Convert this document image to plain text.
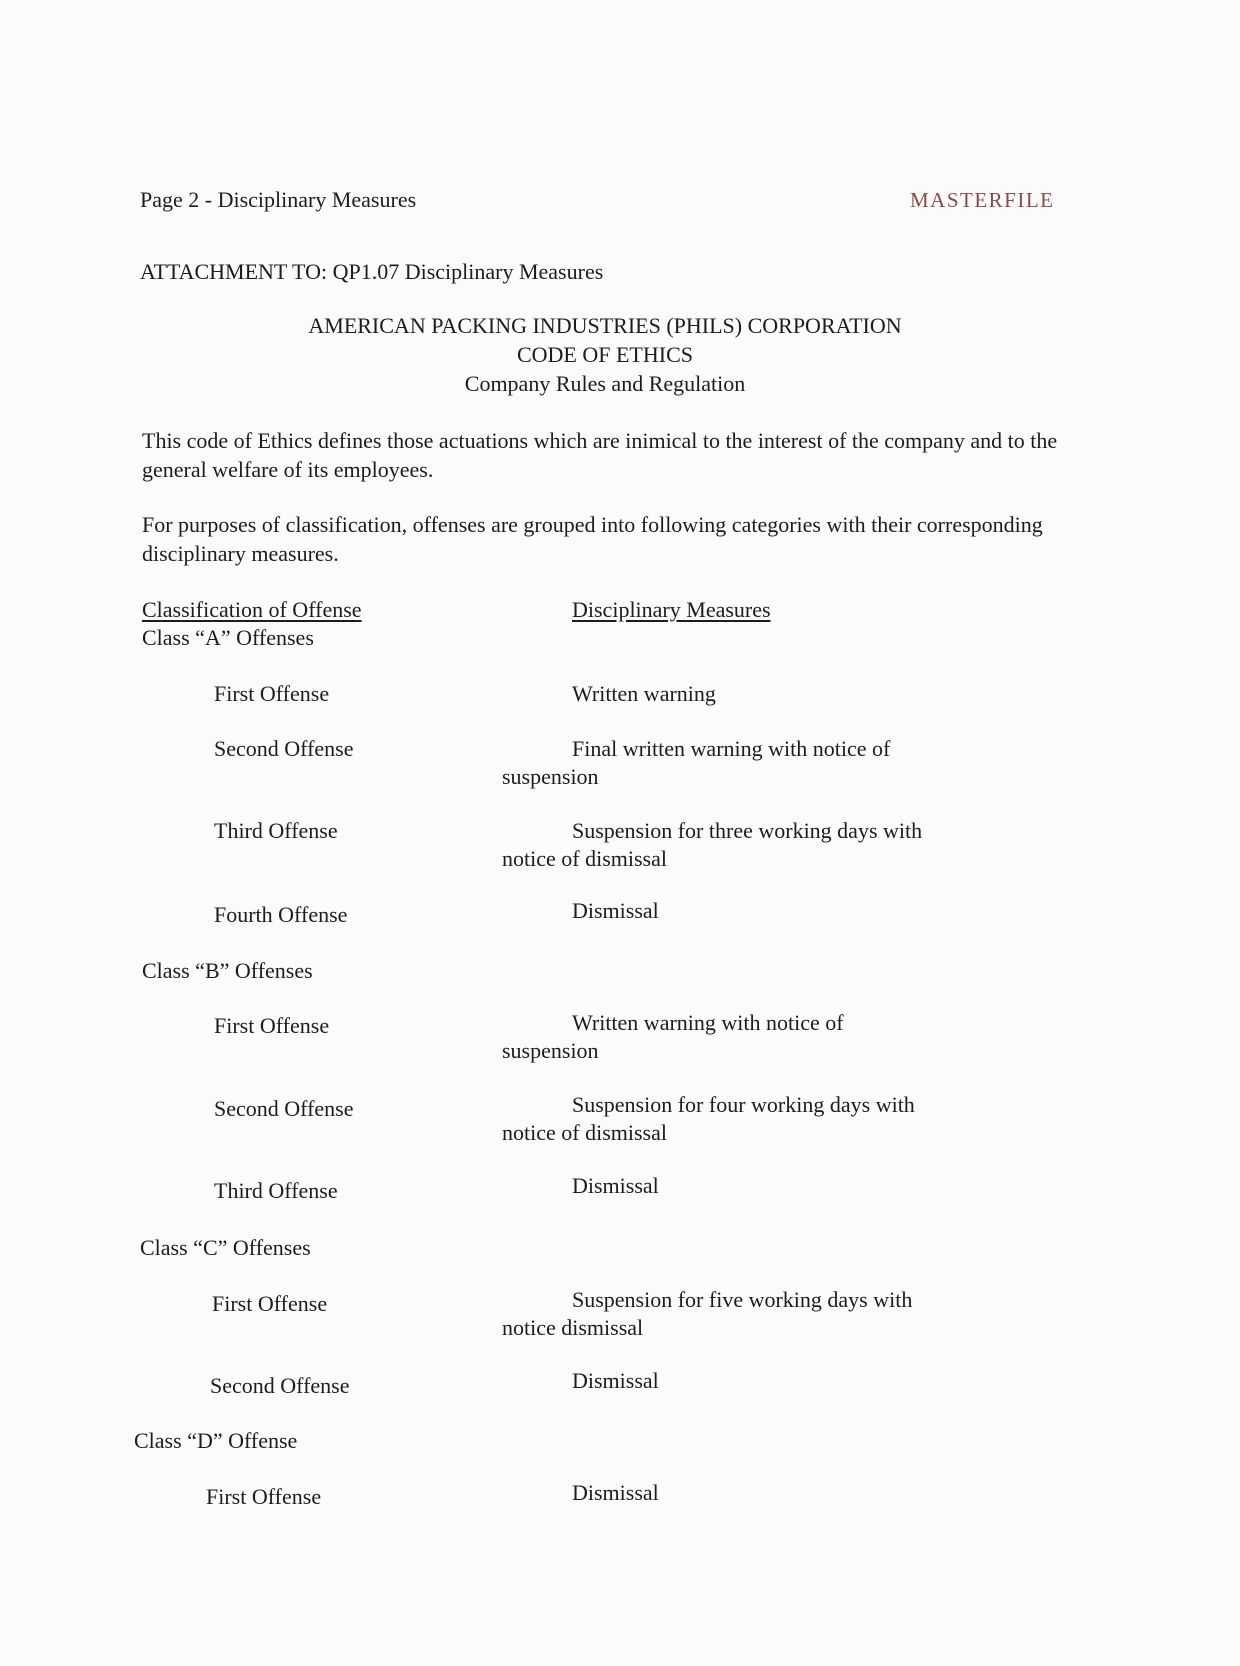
Page 2 - Disciplinary Measures	MASTERFILE
ATTACHMENT TO: QP1.07 Disciplinary Measures
AMERICAN PACKING INDUSTRIES (PHILS) CORPORATION
CODE OF ETHICS
Company Rules and Regulation
This code of Ethics defines those actuations which are inimical to the interest of the company and to the general welfare of its employees.
For purposes of classification, offenses are grouped into following categories with their corresponding disciplinary measures.
Classification of Offense	Disciplinary Measures
Class “A” Offenses
First Offense	Written warning
Second Offense	Final written warning with notice of suspension
Third Offense	Suspension for three working days with notice of dismissal
Fourth Offense	Dismissal
Class “B” Offenses
First Offense	Written warning with notice of suspension
Second Offense	Suspension for four working days with notice of dismissal
Third Offense	Dismissal
Class “C” Offenses
First Offense	Suspension for five working days with notice dismissal
Second Offense	Dismissal
Class “D” Offense
First Offense	Dismissal
